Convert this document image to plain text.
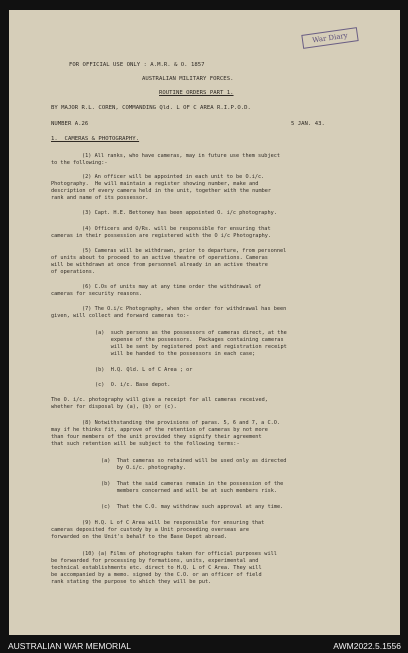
War Diary
FOR OFFICIAL USE ONLY : A.M.R. & O. 1857
AUSTRALIAN MILITARY FORCES.
ROUTINE ORDERS PART 1.
BY MAJOR R.L. COREN, COMMANDING Qld. L OF C AREA R.I.P.O.D.
NUMBER A.26	5 JAN. 43.
1.  CAMERAS & PHOTOGRAPHY.
(1) All ranks, who have cameras, may in future use them subject
to the following:-
(2) An officer will be appointed in each unit to be O.i/c.
Photography.  He will maintain a register showing number, make and
description of every camera held in the unit, together with the number
rank and name of its possessor.
(3) Capt. H.E. Bettoney has been appointed O. i/c photography.
(4) Officers and O/Rs. will be responsible for ensuring that
cameras in their possession are registered with the O i/c Photography.
(5) Cameras will be withdrawn, prior to departure, from personnel
of units about to proceed to an active theatre of operations. Cameras
will be withdrawn at once from personnel already in an active theatre
of operations.
(6) C.Os of units may at any time order the withdrawal of
cameras for security reasons.
(7) The O.i/c Photography, when the order for withdrawal has been
given, will collect and forward cameras to:-
(a)  such persons as the possessors of cameras direct, at the
expense of the possessors.  Packages containing cameras
will be sent by registered post and registration receipt
will be handed to the possessors in each case;
(b)  H.Q. Qld. L of C Area ; or
(c)  O. i/c. Base depot.
The O. i/c. photography will give a receipt for all cameras received,
whether for disposal by (a), (b) or (c).
(8) Notwithstanding the provisions of paras. 5, 6 and 7, a C.O.
may if he thinks fit, approve of the retention of cameras by not more
than four members of the unit provided they signify their agreement
that such retention will be subject to the following terms:-
(a)  That cameras so retained will be used only as directed
by O.i/c. photography.
(b)  That the said cameras remain in the possession of the
members concerned and will be at such members risk.
(c)  That the C.O. may withdraw such approval at any time.
(9) H.Q. L of C Area will be responsible for ensuring that
cameras deposited for custody by a Unit proceeding overseas are
forwarded on the Unit's behalf to the Base Depot abroad.
(10) (a) Films of photographs taken for official purposes will
be forwarded for processing by formations, units, experimental and
technical establishments etc. direct to H.Q. L of C Area. They will
be accompanied by a memo. signed by the C.O. or an officer of field
rank stating the purpose to which they will be put.
AUSTRALIAN WAR MEMORIAL	AWM2022.5.1556
